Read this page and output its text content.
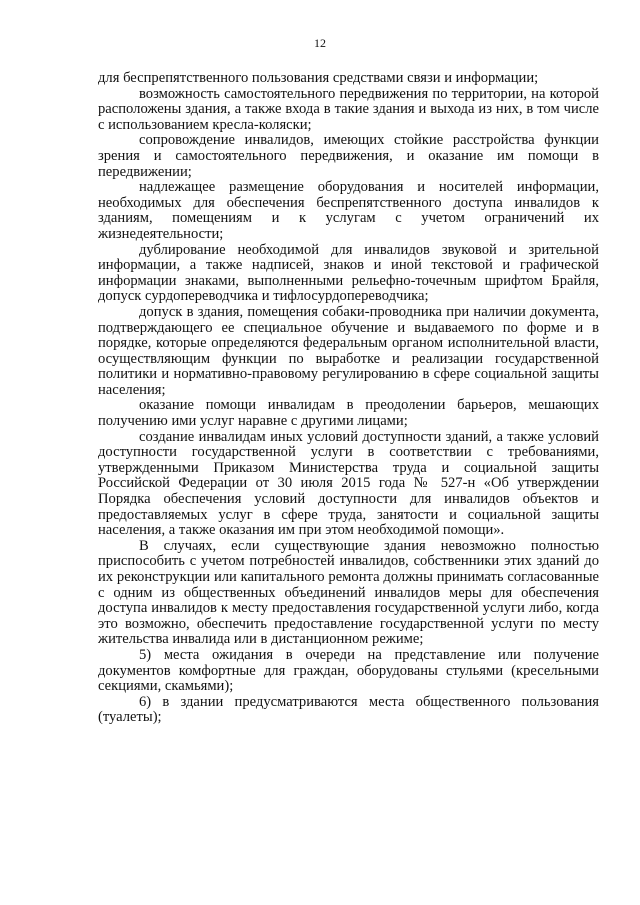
12

для беспрепятственного пользования средствами связи и информации;

возможность самостоятельного передвижения по территории, на которой расположены здания, а также входа в такие здания и выхода из них, в том числе с использованием кресла-коляски;

сопровождение инвалидов, имеющих стойкие расстройства функции зрения и самостоятельного передвижения, и оказание им помощи в передвижении;

надлежащее размещение оборудования и носителей информации, необходимых для обеспечения беспрепятственного доступа инвалидов к зданиям, помещениям и к услугам с учетом ограничений их жизнедеятельности;

дублирование необходимой для инвалидов звуковой и зрительной информации, а также надписей, знаков и иной текстовой и графической информации знаками, выполненными рельефно-точечным шрифтом Брайля, допуск сурдопереводчика и тифлосурдопереводчика;

допуск в здания, помещения собаки-проводника при наличии документа, подтверждающего ее специальное обучение и выдаваемого по форме и в порядке, которые определяются федеральным органом исполнительной власти, осуществляющим функции по выработке и реализации государственной политики и нормативно-правовому регулированию в сфере социальной защиты населения;

оказание помощи инвалидам в преодолении барьеров, мешающих получению ими услуг наравне с другими лицами;

создание инвалидам иных условий доступности зданий, а также условий доступности государственной услуги в соответствии с требованиями, утвержденными Приказом Министерства труда и социальной защиты Российской Федерации от 30 июля 2015 года № 527-н «Об утверждении Порядка обеспечения условий доступности для инвалидов объектов и предоставляемых услуг в сфере труда, занятости и социальной защиты населения, а также оказания им при этом необходимой помощи».

В случаях, если существующие здания невозможно полностью приспособить с учетом потребностей инвалидов, собственники этих зданий до их реконструкции или капитального ремонта должны принимать согласованные с одним из общественных объединений инвалидов меры для обеспечения доступа инвалидов к месту предоставления государственной услуги либо, когда это возможно, обеспечить предоставление государственной услуги по месту жительства инвалида или в дистанционном режиме;

5) места ожидания в очереди на представление или получение документов комфортные для граждан, оборудованы стульями (кресельными секциями, скамьями);

6) в здании предусматриваются места общественного пользования (туалеты);
